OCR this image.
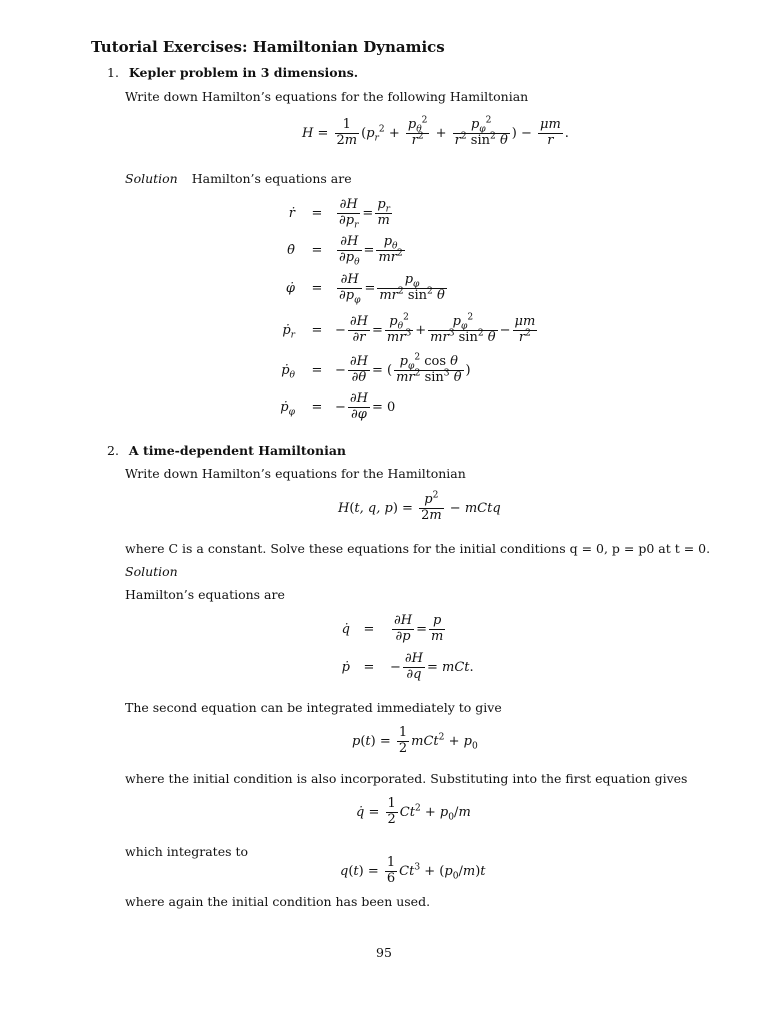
Tutorial Exercises: Hamiltonian Dynamics
1. Kepler problem in 3 dimensions.
Write down Hamilton’s equations for the following Hamiltonian
$H = \frac{1}{2m} (p_r^2 + \frac{p_\theta^2}{r^2} + \frac{p_\varphi^2}{r^2 \sin^2 \theta}$ ) − $\frac{\mu m}{r}$ .
Solution Hamilton’s equations are
ṙ	=	$\frac{\partial H}{\partial p_r} = \frac{p_r}{m}$
θ̇	=	$\frac{\partial H}{\partial p_\theta} = \frac{p_\theta}{mr^2}$
φ̇	=	$\frac{\partial H}{\partial p_\varphi} = \frac{p_\varphi}{mr^2 \sin^2 \theta}$
ṗ$_r$	= − $\frac{\partial H}{\partial r} = \frac{p_\theta^2}{mr^3} + \frac{p_\varphi^2}{mr^3 \sin^2 \theta} - \frac{\mu m}{r^2}$
ṗ$_\theta$	= − $\frac{\partial H}{\partial\theta}$ = ( $\frac{p_\varphi^2 \cos \theta}{mr^2 \sin^3 \theta}$ )
ṗ$_\varphi$	= − $\frac{\partial H}{\partial\varphi} = 0$
2. A time-dependent Hamiltonian
Write down Hamilton’s equations for the Hamiltonian
H(t, q, $p) = \frac{p^2}{2m}$ − mCtq
where C is a constant. Solve these equations for the initial conditions q = 0, p = p0 at t = 0.
Solution
Hamilton’s equations are
q̇	=	$\frac{\partial H}{\partial p} = \frac{p}{m}$
ṗ	=	− $\frac{\partial H}{\partial q}$ = mCt.
The second equation can be integrated immediately to give
$p(t) = \frac{1}{2} mCt^2 + p_0$
where the initial condition is also incorporated. Substituting into the first equation gives
q̇ = $\frac{1}{2} Ct^2 + p_0/m$
which integrates to
$q(t) = \frac{1}{6} Ct^3 + (p_0/m)t$
where again the initial condition has been used.
95
